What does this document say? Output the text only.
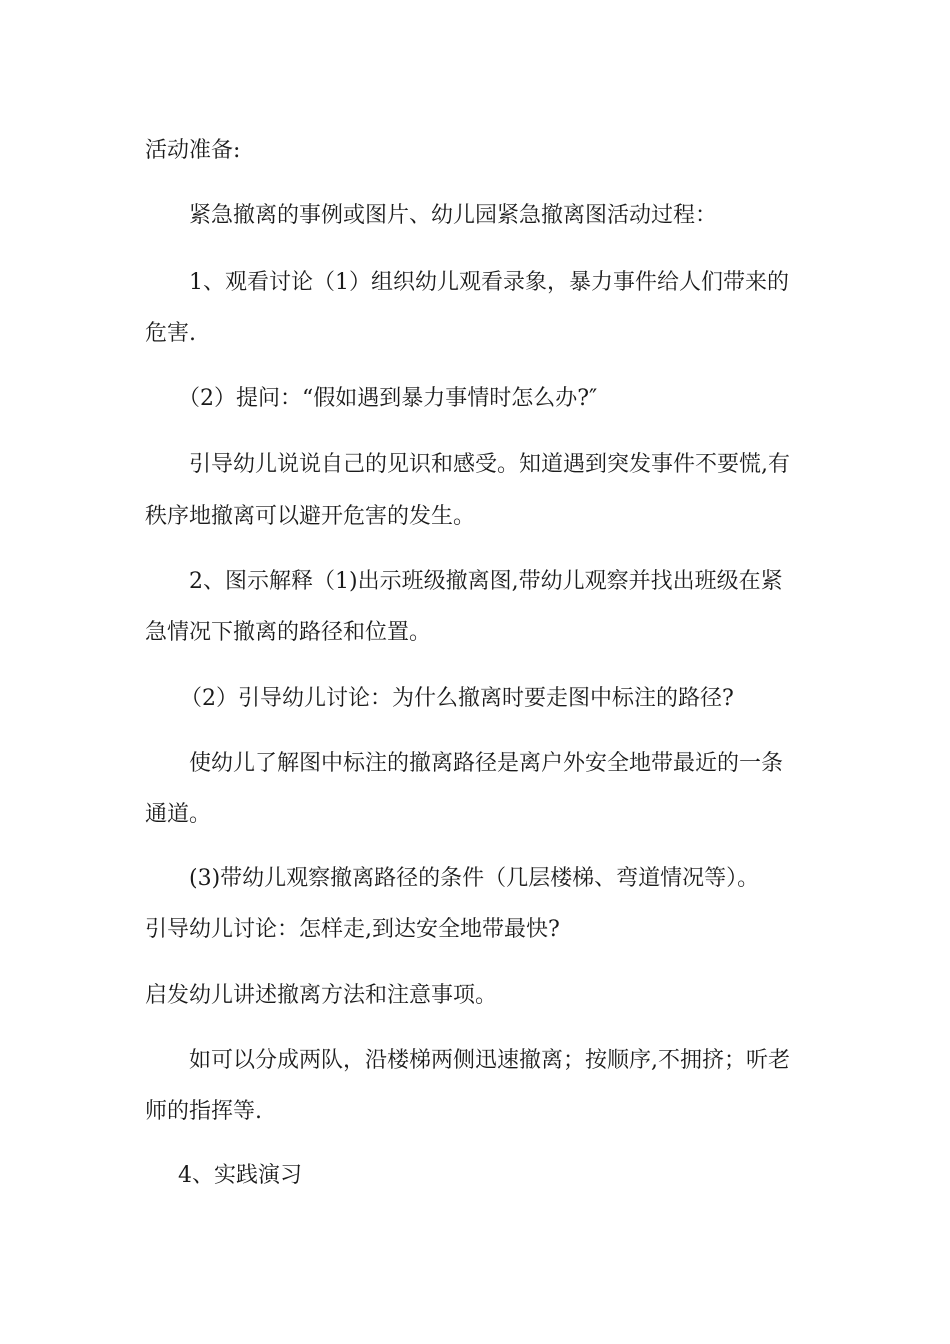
活动准备:
紧急撤离的事例或图片、幼儿园紧急撤离图活动过程：
1、观看讨论（1）组织幼儿观看录象，暴力事件给人们带来的
危害.
（2）提问：“假如遇到暴力事情时怎么办?″
引导幼儿说说自己的见识和感受。知道遇到突发事件不要慌,有
秩序地撤离可以避开危害的发生。
2、图示解释（1)出示班级撤离图,带幼儿观察并找出班级在紧
急情况下撤离的路径和位置。
（2）引导幼儿讨论：为什么撤离时要走图中标注的路径?
使幼儿了解图中标注的撤离路径是离户外安全地带最近的一条
通道。
(3)带幼儿观察撤离路径的条件（几层楼梯、弯道情况等）。
引导幼儿讨论：怎样走,到达安全地带最快?
启发幼儿讲述撤离方法和注意事项。
如可以分成两队，沿楼梯两侧迅速撤离；按顺序,不拥挤；听老
师的指挥等.
4、实践演习
